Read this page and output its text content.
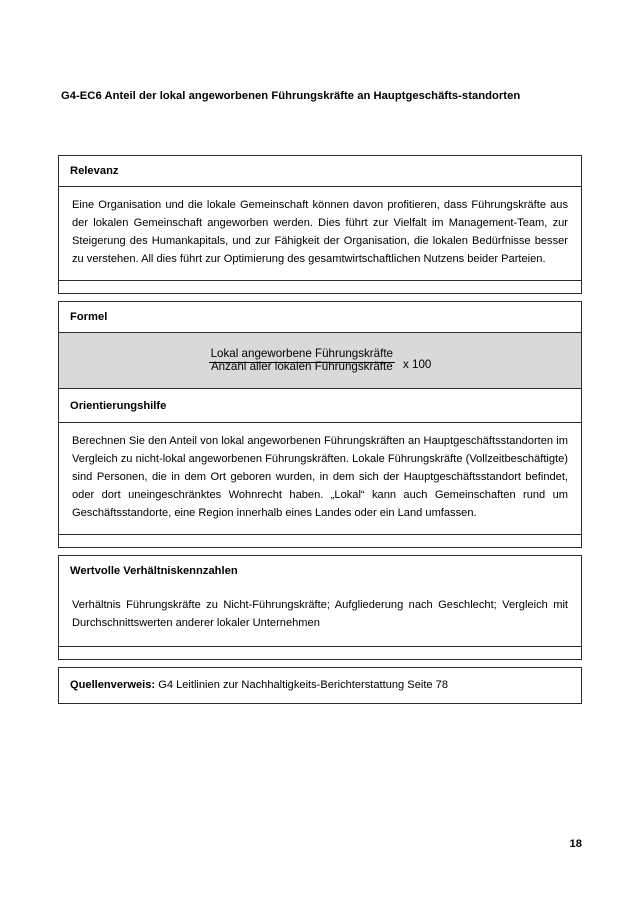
G4-EC6 Anteil der lokal angeworbenen Führungskräfte an Hauptgeschäfts-standorten
Relevanz
Eine Organisation und die lokale Gemeinschaft können davon profitieren, dass Führungskräfte aus der lokalen Gemeinschaft angeworben werden. Dies führt zur Vielfalt im Management-Team, zur Steigerung des Humankapitals, und zur Fähigkeit der Organisation, die lokalen Bedürfnisse besser zu verstehen. All dies führt zur Optimierung des gesamtwirtschaftlichen Nutzens beider Parteien.
Formel
Lokal angeworbene Führungskräfte
Anzahl aller lokalen Führungskräfte x 100
Orientierungshilfe
Berechnen Sie den Anteil von lokal angeworbenen Führungskräften an Hauptgeschäftsstandorten im Vergleich zu nicht-lokal angeworbenen Führungskräften. Lokale Führungskräfte (Vollzeitbeschäftigte) sind Personen, die in dem Ort geboren wurden, in dem sich der Hauptgeschäftsstandort befindet, oder dort uneingeschränktes Wohnrecht haben. „Lokal“ kann auch Gemeinschaften rund um Geschäftsstandorte, eine Region innerhalb eines Landes oder ein Land umfassen.
Wertvolle Verhältniskennzahlen
Verhältnis Führungskräfte zu Nicht-Führungskräfte; Aufgliederung nach Geschlecht; Vergleich mit Durchschnittswerten anderer lokaler Unternehmen
Quellenverweis: G4 Leitlinien zur Nachhaltigkeits-Berichterstattung Seite 78
18
